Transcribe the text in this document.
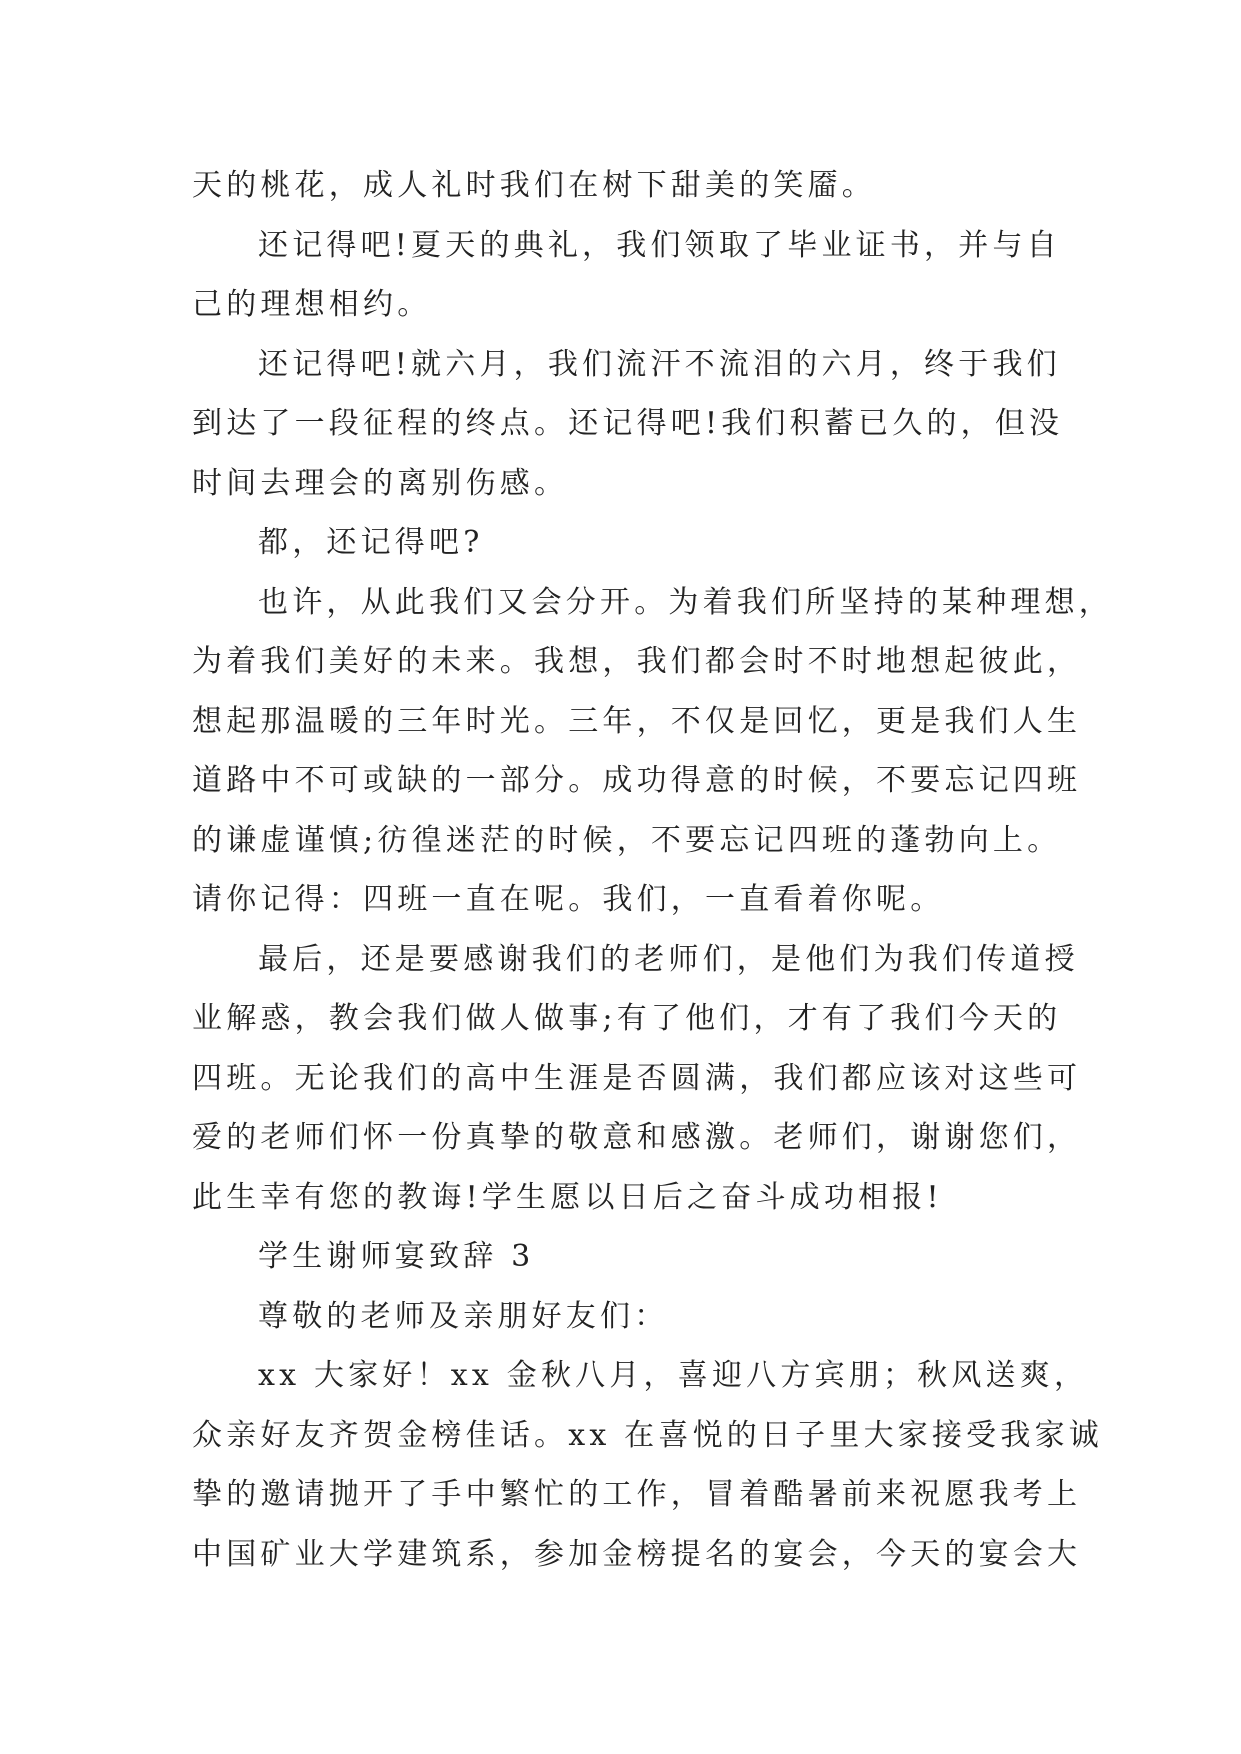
天的桃花，成人礼时我们在树下甜美的笑靥。
还记得吧!夏天的典礼，我们领取了毕业证书，并与自
己的理想相约。
还记得吧!就六月，我们流汗不流泪的六月，终于我们
到达了一段征程的终点。还记得吧!我们积蓄已久的，但没
时间去理会的离别伤感。
都，还记得吧?
也许，从此我们又会分开。为着我们所坚持的某种理想，
为着我们美好的未来。我想，我们都会时不时地想起彼此，
想起那温暖的三年时光。三年，不仅是回忆，更是我们人生
道路中不可或缺的一部分。成功得意的时候，不要忘记四班
的谦虚谨慎;彷徨迷茫的时候，不要忘记四班的蓬勃向上。
请你记得：四班一直在呢。我们，一直看着你呢。
最后，还是要感谢我们的老师们，是他们为我们传道授
业解惑，教会我们做人做事;有了他们，才有了我们今天的
四班。无论我们的高中生涯是否圆满，我们都应该对这些可
爱的老师们怀一份真挚的敬意和感激。老师们，谢谢您们，
此生幸有您的教诲!学生愿以日后之奋斗成功相报!
学生谢师宴致辞 3
尊敬的老师及亲朋好友们：
xx 大家好！xx 金秋八月，喜迎八方宾朋；秋风送爽，
众亲好友齐贺金榜佳话。xx 在喜悦的日子里大家接受我家诚
挚的邀请抛开了手中繁忙的工作，冒着酷暑前来祝愿我考上
中国矿业大学建筑系，参加金榜提名的宴会，今天的宴会大
